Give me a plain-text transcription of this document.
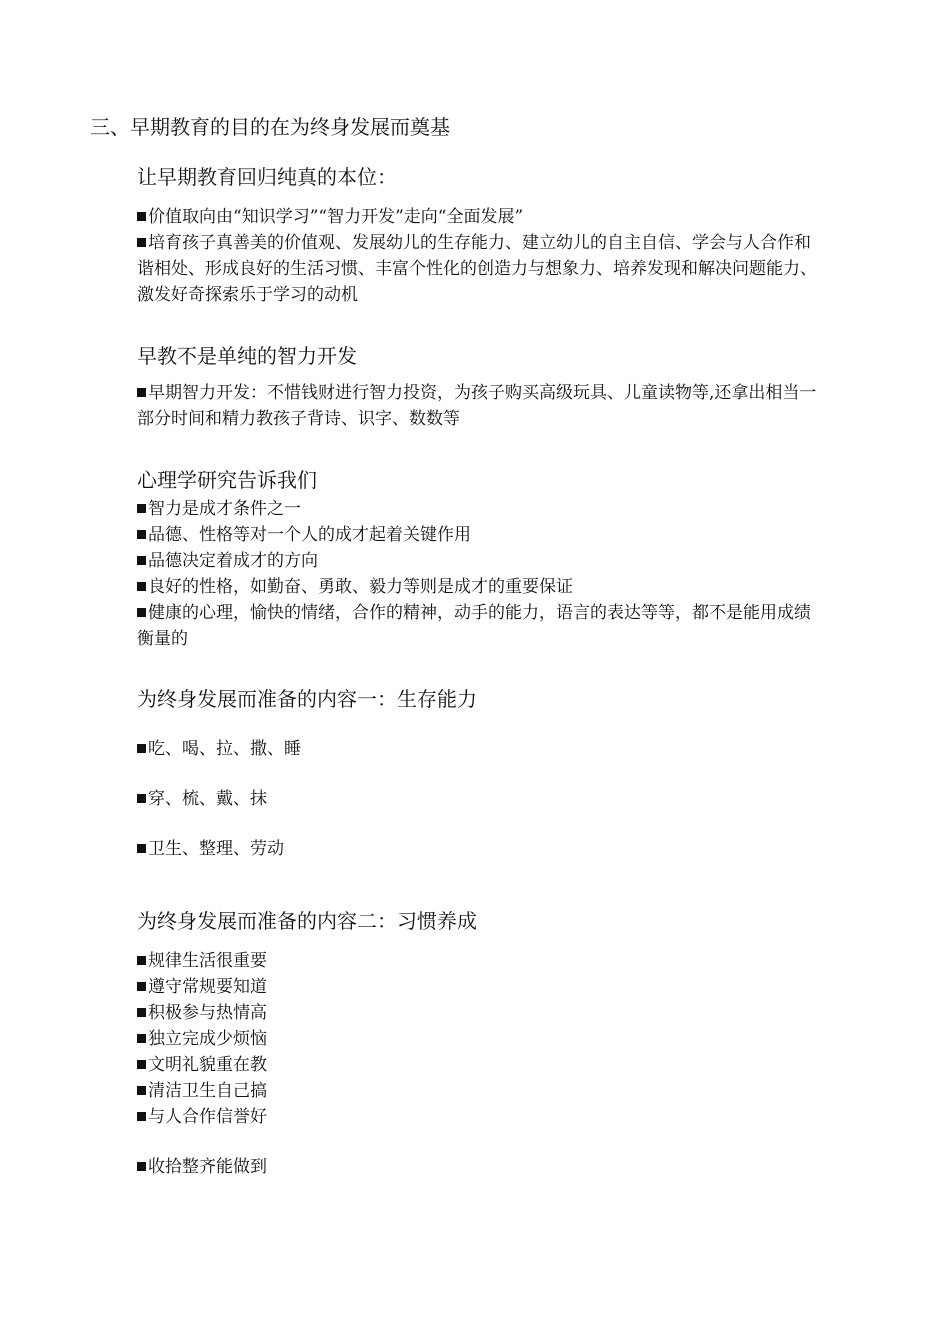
三、早期教育的目的在为终身发展而奠基
让早期教育回归纯真的本位：
价值取向由“知识学习”“智力开发”走向“全面发展”
培育孩子真善美的价值观、发展幼儿的生存能力、建立幼儿的自主自信、学会与人合作和谐相处、形成良好的生活习惯、丰富个性化的创造力与想象力、培养发现和解决问题能力、激发好奇探索乐于学习的动机
早教不是单纯的智力开发
早期智力开发：不惜钱财进行智力投资，为孩子购买高级玩具、儿童读物等,还拿出相当一部分时间和精力教孩子背诗、识字、数数等
心理学研究告诉我们
智力是成才条件之一
品德、性格等对一个人的成才起着关键作用
品德决定着成才的方向
良好的性格，如勤奋、勇敢、毅力等则是成才的重要保证
健康的心理，愉快的情绪，合作的精神，动手的能力，语言的表达等等，都不是能用成绩衡量的
为终身发展而准备的内容一：生存能力
吃、喝、拉、撒、睡
穿、梳、戴、抹
卫生、整理、劳动
为终身发展而准备的内容二：习惯养成
规律生活很重要
遵守常规要知道
积极参与热情高
独立完成少烦恼
文明礼貌重在教
清洁卫生自己搞
与人合作信誉好
收拾整齐能做到
